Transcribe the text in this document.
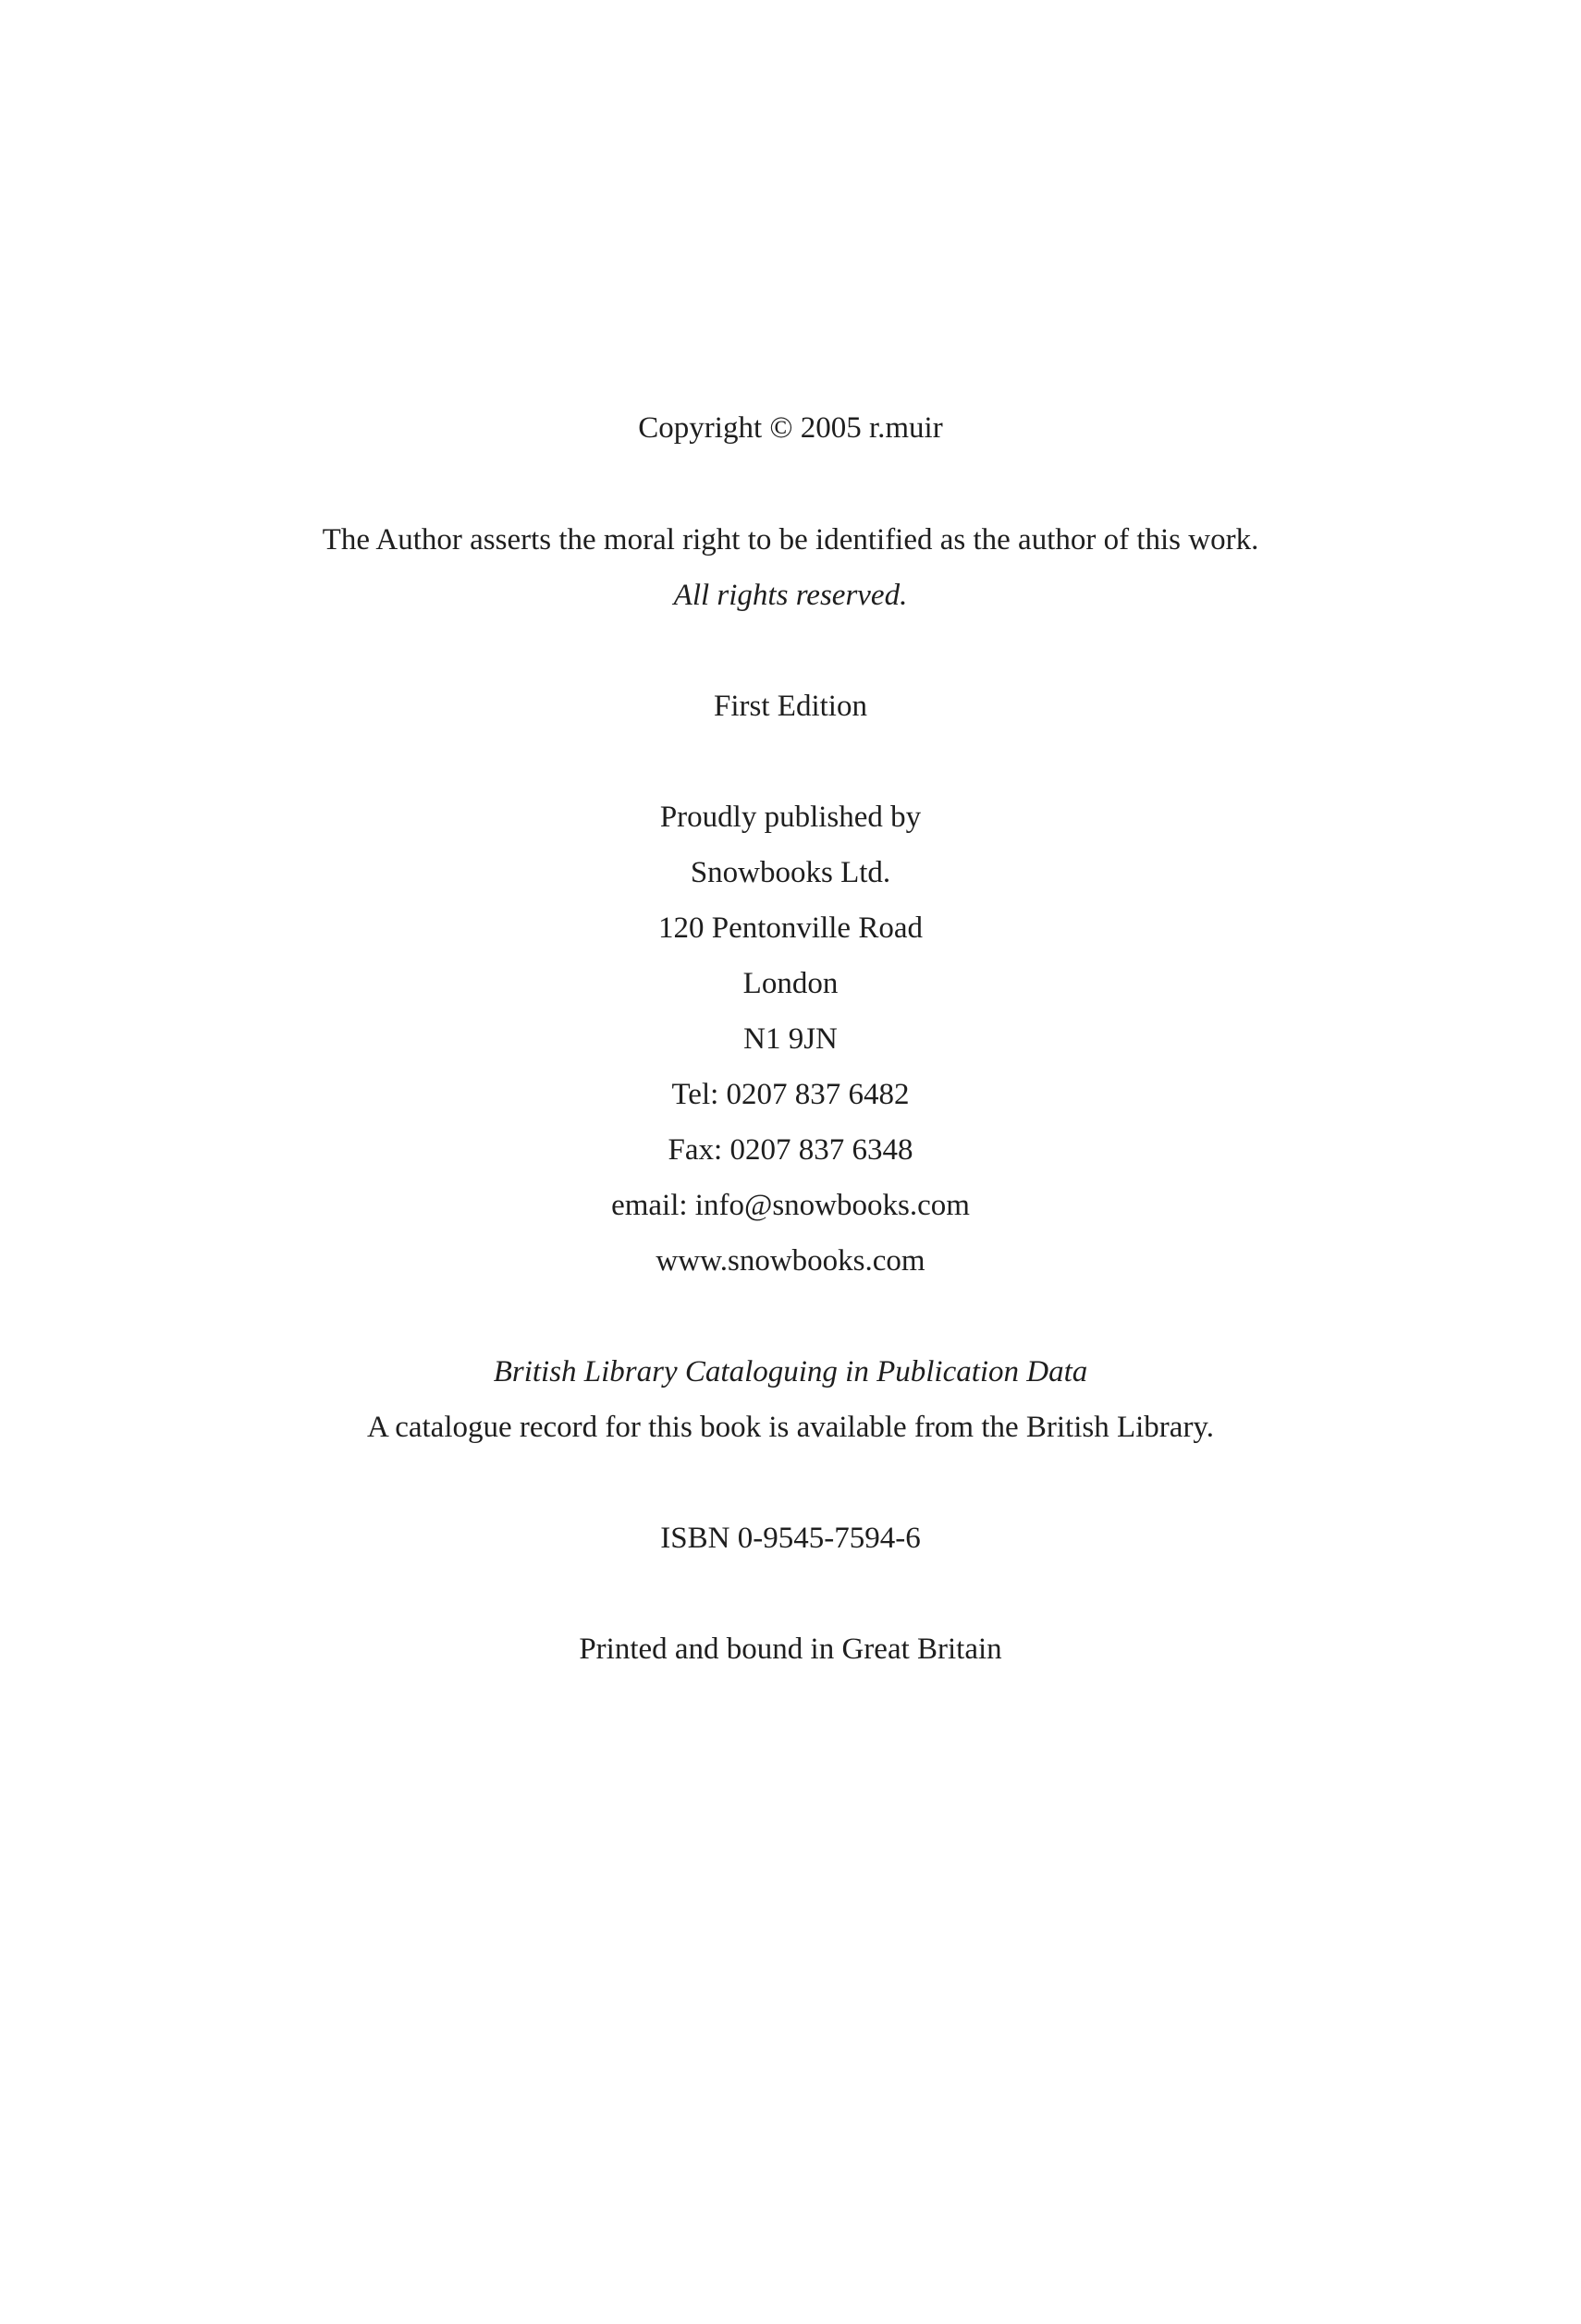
Copyright © 2005 r.muir
The Author asserts the moral right to be identified as the author of this work.
All rights reserved.
First Edition
Proudly published by
Snowbooks Ltd.
120 Pentonville Road
London
N1 9JN
Tel: 0207 837 6482
Fax: 0207 837 6348
email: info@snowbooks.com
www.snowbooks.com
British Library Cataloguing in Publication Data
A catalogue record for this book is available from the British Library.
ISBN 0-9545-7594-6
Printed and bound in Great Britain
